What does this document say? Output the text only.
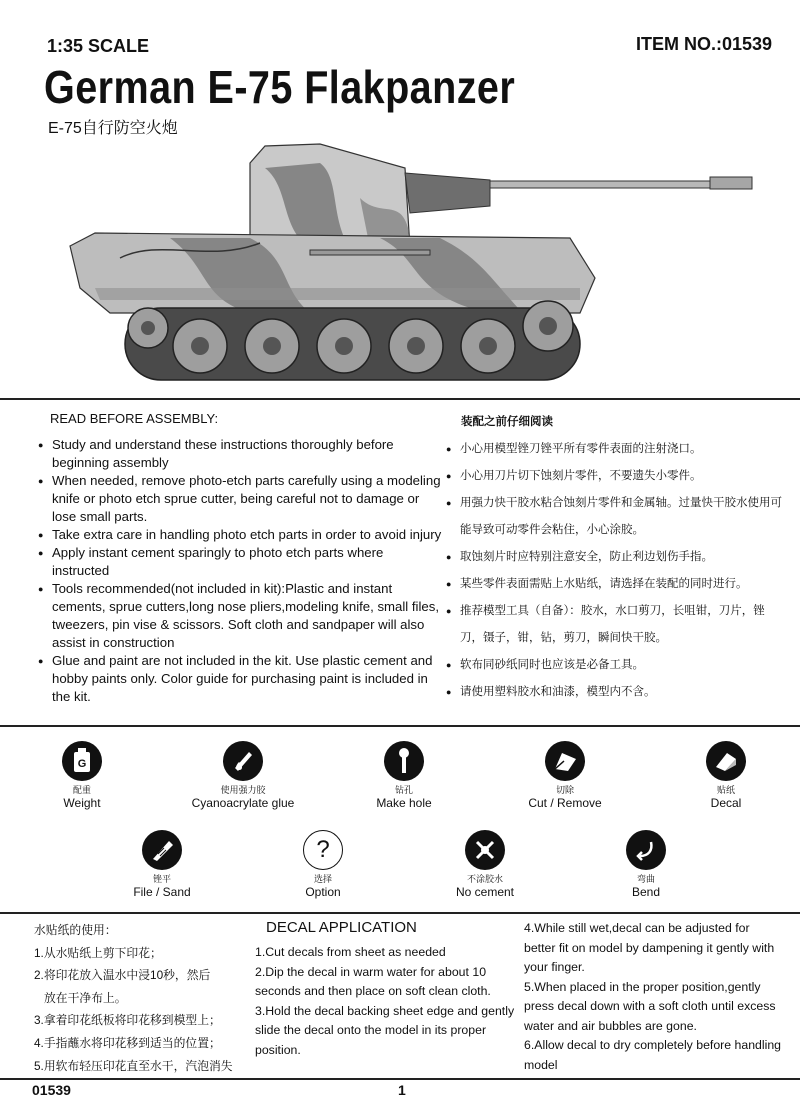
1:35 SCALE	ITEM NO.:01539
German E-75 Flakpanzer
E-75自行防空火炮
READ BEFORE ASSEMBLY:	装配之前仔细阅读
● Study and understand these instructions thoroughly before beginning assembly
● When needed, remove photo-etch parts carefully using a modeling knife or photo etch sprue cutter, being careful not to damage or lose small parts.
● Take extra care in handling photo etch parts in order to avoid injury
● Apply instant cement sparingly to photo etch parts where instructed
● Tools recommended(not included in kit):Plastic and instant cements, sprue cutters,long nose pliers,modeling knife, small files, tweezers, pin vise & scissors. Soft cloth and sandpaper will also assist in construction
● Glue and paint are not included in the kit. Use plastic cement and hobby paints only. Color guide for purchasing paint is included in the kit.
● 小心用模型锉刀锉平所有零件表面的注射浇口。
● 小心用刀片切下蚀刻片零件，不要遗失小零件。
● 用强力快干胶水粘合蚀刻片零件和金属轴。过量快干胶水使用可能导致可动零件会粘住，小心涂胶。
● 取蚀刻片时应特别注意安全，防止利边划伤手指。
● 某些零件表面需贴上水贴纸，请选择在装配的同时进行。
● 推荐模型工具（自备）：胶水，水口剪刀，长咀钳，刀片，锉刀，镊子，钳，钻，剪刀，瞬间快干胶。
● 软布同砂纸同时也应该是必备工具。
● 请使用塑料胶水和油漆，模型内不含。
G
配重
Weight
使用强力胶
Cyanoacrylate glue
钻孔
Make hole
切除
Cut / Remove
贴纸
Decal
锉平
File / Sand
?
选择
Option
不涂胶水
No cement
弯曲
Bend

水贴纸的使用：

1.从水贴纸上剪下印花；

2.将印花放入温水中浸10秒，然后

放在干净布上。

3.拿着印花纸板将印花移到模型上；

4.手指蘸水将印花移到适当的位置；

5.用软布轻压印花直至水干，汽泡消失

DECAL APPLICATION

1.Cut decals from sheet as needed

2.Dip the decal in warm water for about 10 seconds and then place on soft clean cloth.

3.Hold the decal backing sheet edge and gently slide the decal onto the model in its proper position.

4.While still wet,decal can be adjusted for better fit on model by dampening it gently with your finger.

5.When placed in the proper position,gently press decal down with a soft cloth until excess water and air bubbles are gone.

6.Allow decal to dry completely before handling model

01539	1
